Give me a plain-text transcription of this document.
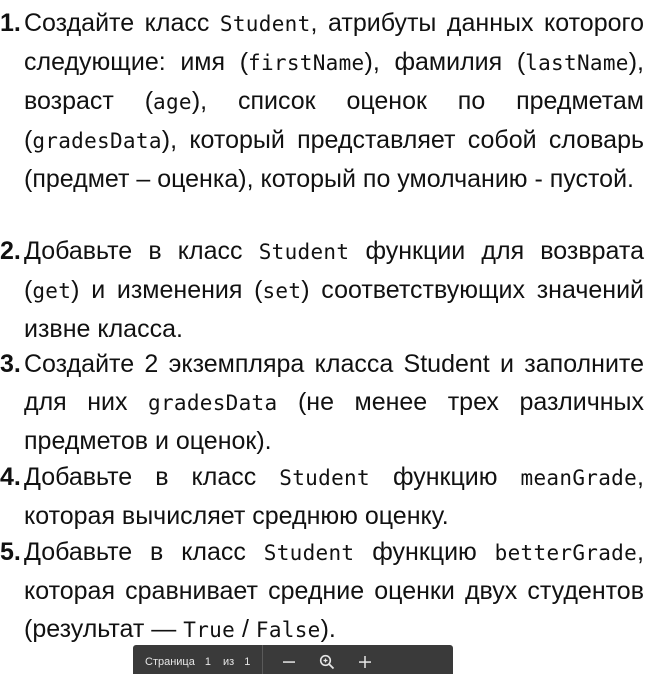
1. Создайте класс Student, атрибуты данных которого следующие: имя (firstName), фамилия (lastName), возраст (age), список оценок по предметам (gradesData), который представляет собой словарь (предмет – оценка), который по умолчанию - пустой.

2. Добавьте в класс Student функции для возврата (get) и изменения (set) соответствующих значений извне класса.

3. Создайте 2 экземпляра класса Student и заполните для них gradesData (не менее трех различных предметов и оценок).

4. Добавьте в класс Student функцию meanGrade, которая вычисляет среднюю оценку.

5. Добавьте в класс Student функцию betterGrade, которая сравнивает средние оценки двух студентов (результат — True / False).

Страница 1 из 1
